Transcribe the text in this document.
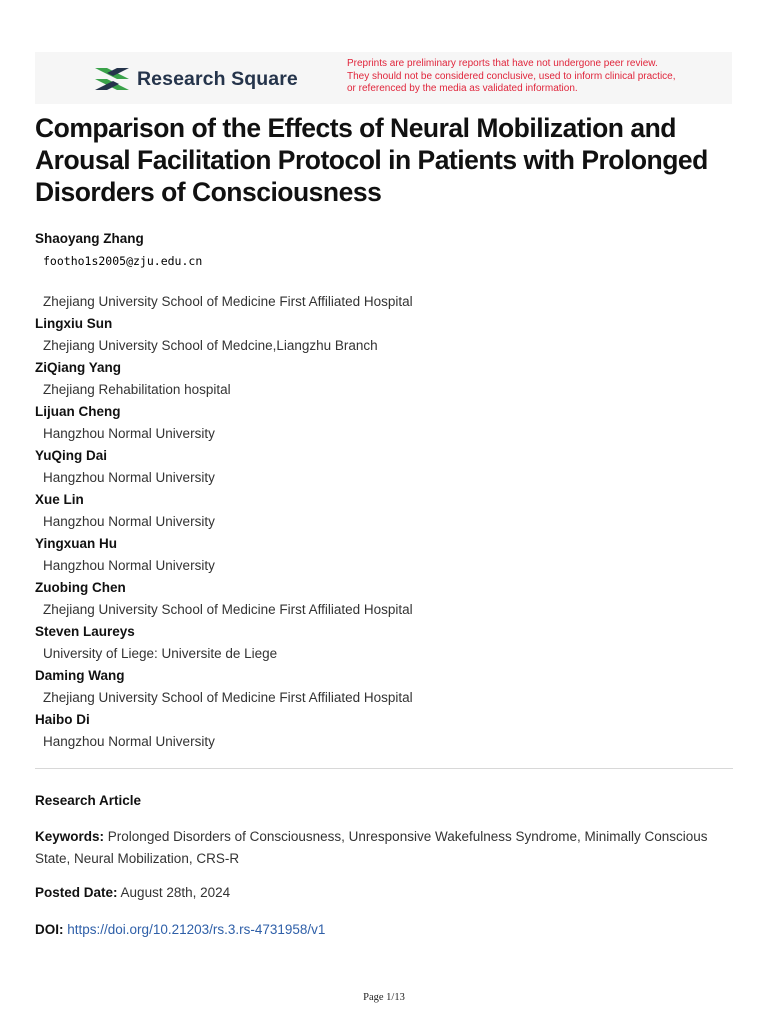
Research Square
Preprints are preliminary reports that have not undergone peer review.
They should not be considered conclusive, used to inform clinical practice,
or referenced by the media as validated information.
Comparison of the Effects of Neural Mobilization and Arousal Facilitation Protocol in Patients with Prolonged Disorders of Consciousness
Shaoyang Zhang
footho1s2005@zju.edu.cn
Zhejiang University School of Medicine First Affiliated Hospital
Lingxiu Sun
Zhejiang University School of Medcine,Liangzhu Branch
ZiQiang Yang
Zhejiang Rehabilitation hospital
Lijuan Cheng
Hangzhou Normal University
YuQing Dai
Hangzhou Normal University
Xue Lin
Hangzhou Normal University
Yingxuan Hu
Hangzhou Normal University
Zuobing Chen
Zhejiang University School of Medicine First Affiliated Hospital
Steven Laureys
University of Liege: Universite de Liege
Daming Wang
Zhejiang University School of Medicine First Affiliated Hospital
Haibo Di
Hangzhou Normal University
Research Article
Keywords: Prolonged Disorders of Consciousness, Unresponsive Wakefulness Syndrome, Minimally Conscious State, Neural Mobilization, CRS-R
Posted Date: August 28th, 2024
DOI: https://doi.org/10.21203/rs.3.rs-4731958/v1
Page 1/13
